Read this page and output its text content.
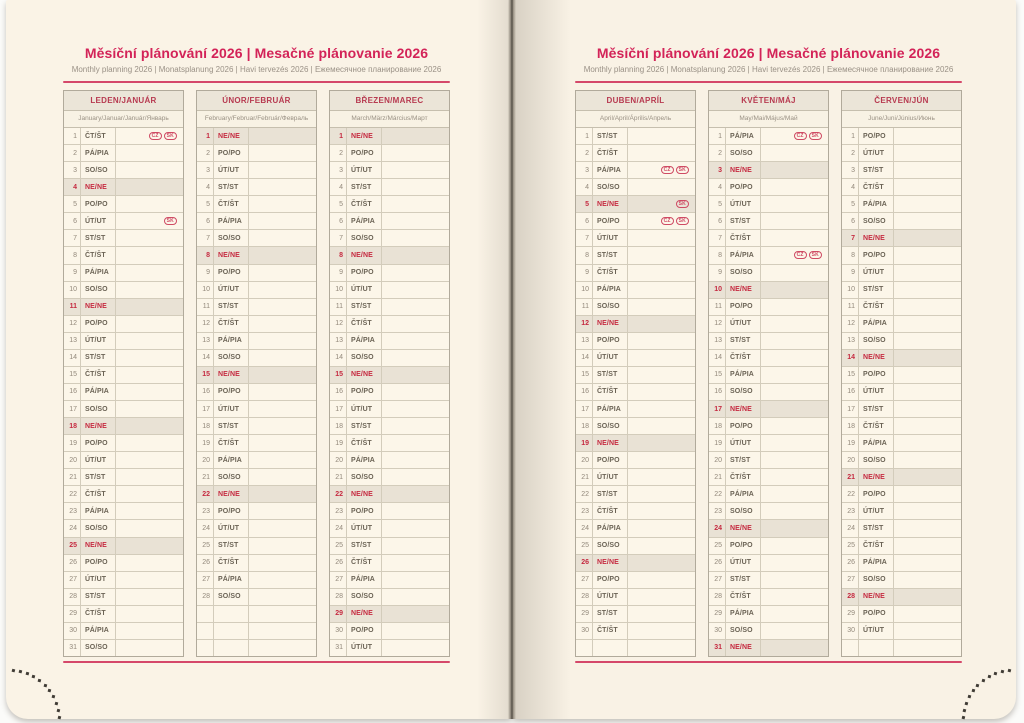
Měsíční plánování 2026 | Mesačné plánovanie 2026
Monthly planning 2026 | Monatsplanung 2026 | Havi tervezés 2026 | Ежемесячное планирование 2026
LEDEN/JANUÁR
January/Januar/Január/Январь
1	ČT/ŠT	CZ	SK
2	PÁ/PIA
3	SO/SO
4	NE/NE
5	PO/PO
6	ÚT/UT	SK
7	ST/ST
8	ČT/ŠT
9	PÁ/PIA
10	SO/SO
11	NE/NE
12	PO/PO
13	ÚT/UT
14	ST/ST
15	ČT/ŠT
16	PÁ/PIA
17	SO/SO
18	NE/NE
19	PO/PO
20	ÚT/UT
21	ST/ST
22	ČT/ŠT
23	PÁ/PIA
24	SO/SO
25	NE/NE
26	PO/PO
27	ÚT/UT
28	ST/ST
29	ČT/ŠT
30	PÁ/PIA
31	SO/SO
ÚNOR/FEBRUÁR
February/Februar/Február/Февраль
1	NE/NE
2	PO/PO
3	ÚT/UT
4	ST/ST
5	ČT/ŠT
6	PÁ/PIA
7	SO/SO
8	NE/NE
9	PO/PO
10	ÚT/UT
11	ST/ST
12	ČT/ŠT
13	PÁ/PIA
14	SO/SO
15	NE/NE
16	PO/PO
17	ÚT/UT
18	ST/ST
19	ČT/ŠT
20	PÁ/PIA
21	SO/SO
22	NE/NE
23	PO/PO
24	ÚT/UT
25	ST/ST
26	ČT/ŠT
27	PÁ/PIA
28	SO/SO
BŘEZEN/MAREC
March/März/Március/Март
1	NE/NE
2	PO/PO
3	ÚT/UT
4	ST/ST
5	ČT/ŠT
6	PÁ/PIA
7	SO/SO
8	NE/NE
9	PO/PO
10	ÚT/UT
11	ST/ST
12	ČT/ŠT
13	PÁ/PIA
14	SO/SO
15	NE/NE
16	PO/PO
17	ÚT/UT
18	ST/ST
19	ČT/ŠT
20	PÁ/PIA
21	SO/SO
22	NE/NE
23	PO/PO
24	ÚT/UT
25	ST/ST
26	ČT/ŠT
27	PÁ/PIA
28	SO/SO
29	NE/NE
30	PO/PO
31	ÚT/UT
Měsíční plánování 2026 | Mesačné plánovanie 2026
Monthly planning 2026 | Monatsplanung 2026 | Havi tervezés 2026 | Ежемесячное планирование 2026
DUBEN/APRÍL
April/April/Április/Апрель
1	ST/ST
2	ČT/ŠT
3	PÁ/PIA	CZ	SK
4	SO/SO
5	NE/NE	SK
6	PO/PO	CZ	SK
7	ÚT/UT
8	ST/ST
9	ČT/ŠT
10	PÁ/PIA
11	SO/SO
12	NE/NE
13	PO/PO
14	ÚT/UT
15	ST/ST
16	ČT/ŠT
17	PÁ/PIA
18	SO/SO
19	NE/NE
20	PO/PO
21	ÚT/UT
22	ST/ST
23	ČT/ŠT
24	PÁ/PIA
25	SO/SO
26	NE/NE
27	PO/PO
28	ÚT/UT
29	ST/ST
30	ČT/ŠT
KVĚTEN/MÁJ
May/Mai/Május/Май
1	PÁ/PIA	CZ	SK
2	SO/SO
3	NE/NE
4	PO/PO
5	ÚT/UT
6	ST/ST
7	ČT/ŠT
8	PÁ/PIA	CZ	SK
9	SO/SO
10	NE/NE
11	PO/PO
12	ÚT/UT
13	ST/ST
14	ČT/ŠT
15	PÁ/PIA
16	SO/SO
17	NE/NE
18	PO/PO
19	ÚT/UT
20	ST/ST
21	ČT/ŠT
22	PÁ/PIA
23	SO/SO
24	NE/NE
25	PO/PO
26	ÚT/UT
27	ST/ST
28	ČT/ŠT
29	PÁ/PIA
30	SO/SO
31	NE/NE
ČERVEN/JÚN
June/Juni/Június/Июнь
1	PO/PO
2	ÚT/UT
3	ST/ST
4	ČT/ŠT
5	PÁ/PIA
6	SO/SO
7	NE/NE
8	PO/PO
9	ÚT/UT
10	ST/ST
11	ČT/ŠT
12	PÁ/PIA
13	SO/SO
14	NE/NE
15	PO/PO
16	ÚT/UT
17	ST/ST
18	ČT/ŠT
19	PÁ/PIA
20	SO/SO
21	NE/NE
22	PO/PO
23	ÚT/UT
24	ST/ST
25	ČT/ŠT
26	PÁ/PIA
27	SO/SO
28	NE/NE
29	PO/PO
30	ÚT/UT
